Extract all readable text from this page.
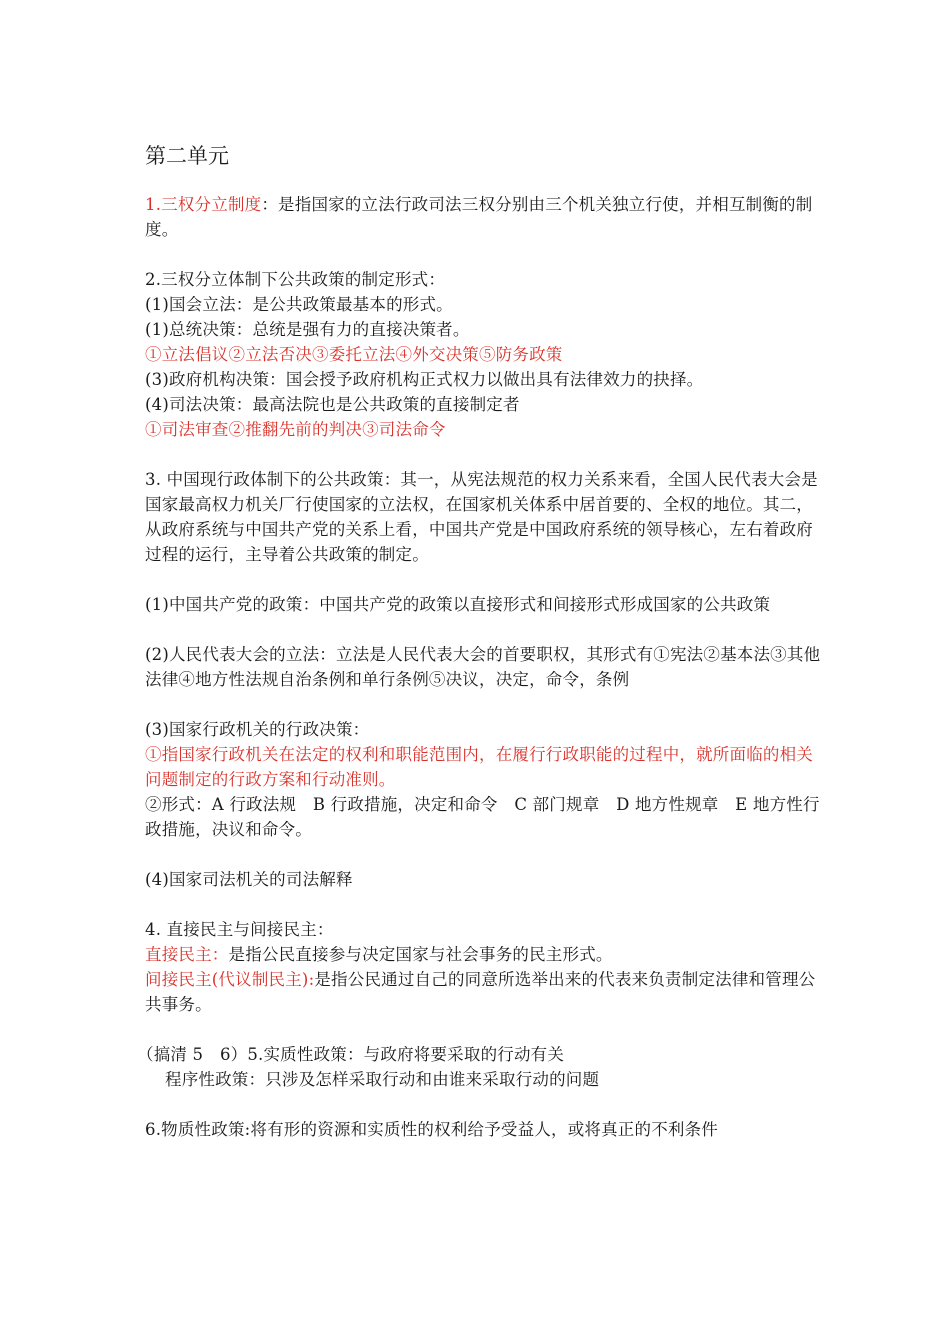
第二单元

1.三权分立制度：是指国家的立法行政司法三权分别由三个机关独立行使，并相互制衡的制度。

2.三权分立体制下公共政策的制定形式：

(1)国会立法：是公共政策最基本的形式。

(1)总统决策：总统是强有力的直接决策者。

①立法倡议②立法否决③委托立法④外交决策⑤防务政策

(3)政府机构决策：国会授予政府机构正式权力以做出具有法律效力的抉择。

(4)司法决策：最高法院也是公共政策的直接制定者

①司法审查②推翻先前的判决③司法命令

3. 中国现行政体制下的公共政策：其一，从宪法规范的权力关系来看，全国人民代表大会是国家最高权力机关厂行使国家的立法权，在国家机关体系中居首要的、全权的地位。其二，从政府系统与中国共产党的关系上看，中国共产党是中国政府系统的领导核心，左右着政府过程的运行，主导着公共政策的制定。

(1)中国共产党的政策：中国共产党的政策以直接形式和间接形式形成国家的公共政策

(2)人民代表大会的立法：立法是人民代表大会的首要职权，其形式有①宪法②基本法③其他法律④地方性法规自治条例和单行条例⑤决议，决定，命令，条例

(3)国家行政机关的行政决策：

①指国家行政机关在法定的权利和职能范围内，在履行行政职能的过程中，就所面临的相关问题制定的行政方案和行动准则。

②形式：A 行政法规　B 行政措施，决定和命令　C 部门规章　D 地方性规章　E 地方性行政措施，决议和命令。

(4)国家司法机关的司法解释

4. 直接民主与间接民主：

直接民主：是指公民直接参与决定国家与社会事务的民主形式。

间接民主(代议制民主):是指公民通过自己的同意所选举出来的代表来负责制定法律和管理公共事务。

（搞清 5　6）5.实质性政策：与政府将要采取的行动有关

程序性政策：只涉及怎样采取行动和由谁来采取行动的问题

6.物质性政策:将有形的资源和实质性的权利给予受益人，或将真正的不利条件
